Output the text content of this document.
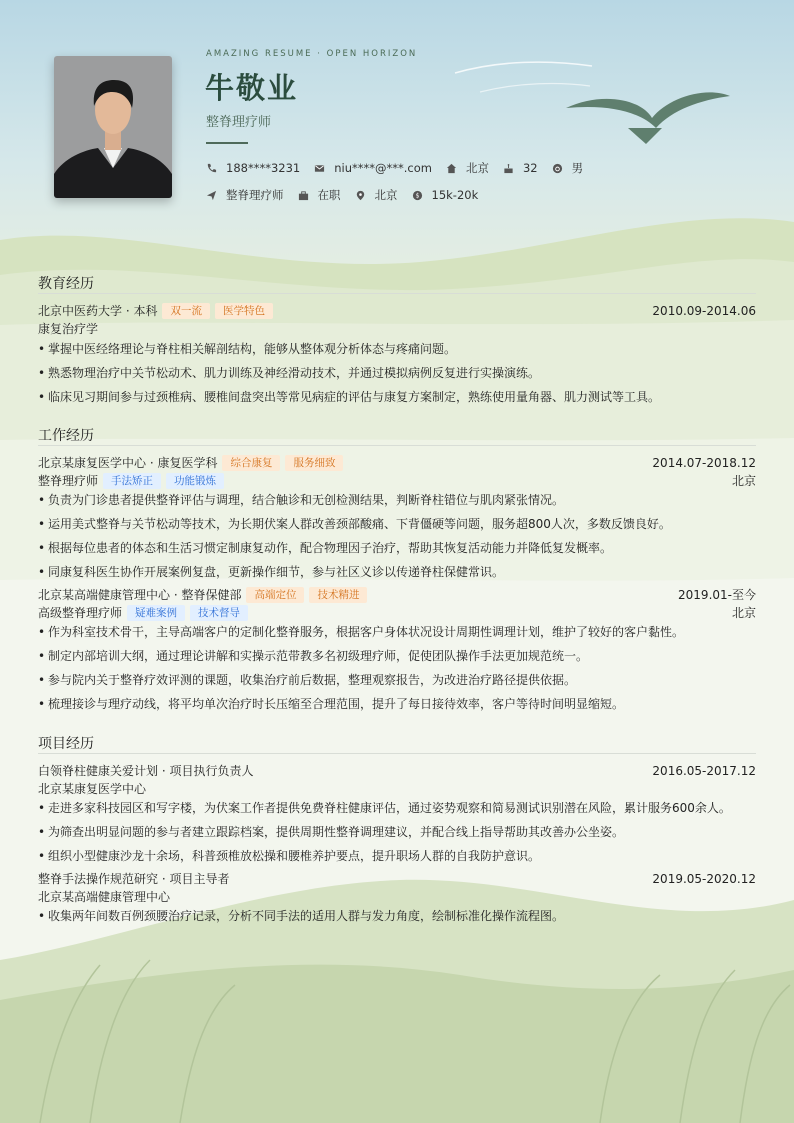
AMAZING RESUME · OPEN HORIZON
牛敬业
整脊理疗师
188****3231	niu****@***.com	北京	32	男
整脊理疗师	在职	北京	$ 15k-20k
教育经历
北京中医药大学 · 本科	双一流	医学特色	2010.09-2014.06
康复治疗学
• 掌握中医经络理论与脊柱相关解剖结构，能够从整体观分析体态与疼痛问题。
• 熟悉物理治疗中关节松动术、肌力训练及神经滑动技术，并通过模拟病例反复进行实操演练。
• 临床见习期间参与过颈椎病、腰椎间盘突出等常见病症的评估与康复方案制定，熟练使用量角器、肌力测试等工具。
工作经历
北京某康复医学中心 · 康复医学科	综合康复	服务细致	2014.07-2018.12
整脊理疗师	手法矫正	功能锻炼	北京
• 负责为门诊患者提供整脊评估与调理，结合触诊和无创检测结果，判断脊柱错位与肌肉紧张情况。
• 运用美式整脊与关节松动等技术，为长期伏案人群改善颈部酸痛、下背僵硬等问题，服务超800人次，多数反馈良好。
• 根据每位患者的体态和生活习惯定制康复动作，配合物理因子治疗，帮助其恢复活动能力并降低复发概率。
• 同康复科医生协作开展案例复盘，更新操作细节，参与社区义诊以传递脊柱保健常识。
北京某高端健康管理中心 · 整脊保健部	高端定位	技术精进	2019.01-至今
高级整脊理疗师	疑难案例	技术督导	北京
• 作为科室技术骨干，主导高端客户的定制化整脊服务，根据客户身体状况设计周期性调理计划，维护了较好的客户黏性。
• 制定内部培训大纲，通过理论讲解和实操示范带教多名初级理疗师，促使团队操作手法更加规范统一。
• 参与院内关于整脊疗效评测的课题，收集治疗前后数据，整理观察报告，为改进治疗路径提供依据。
• 梳理接诊与理疗动线，将平均单次治疗时长压缩至合理范围，提升了每日接待效率，客户等待时间明显缩短。
项目经历
白领脊柱健康关爱计划 · 项目执行负责人	2016.05-2017.12
北京某康复医学中心
• 走进多家科技园区和写字楼，为伏案工作者提供免费脊柱健康评估，通过姿势观察和简易测试识别潜在风险，累计服务600余人。
• 为筛查出明显问题的参与者建立跟踪档案，提供周期性整脊调理建议，并配合线上指导帮助其改善办公坐姿。
• 组织小型健康沙龙十余场，科普颈椎放松操和腰椎养护要点，提升职场人群的自我防护意识。
整脊手法操作规范研究 · 项目主导者	2019.05-2020.12
北京某高端健康管理中心
• 收集两年间数百例颈腰治疗记录，分析不同手法的适用人群与发力角度，绘制标准化操作流程图。
